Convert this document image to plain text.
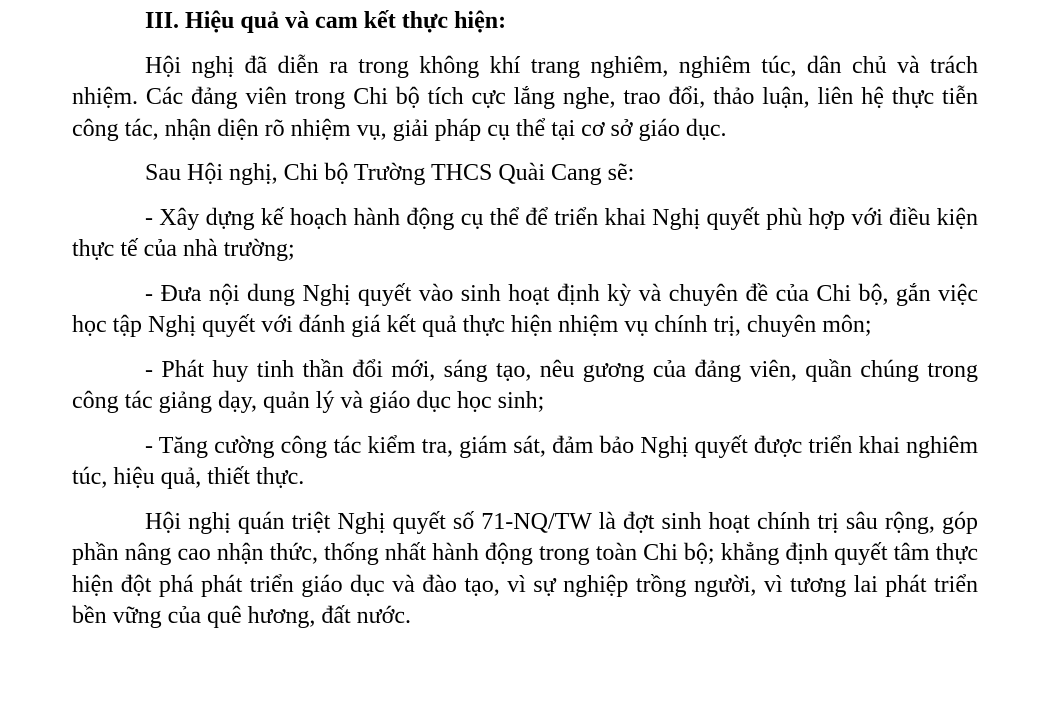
III. Hiệu quả và cam kết thực hiện:

Hội nghị đã diễn ra trong không khí trang nghiêm, nghiêm túc, dân chủ và trách nhiệm. Các đảng viên trong Chi bộ tích cực lắng nghe, trao đổi, thảo luận, liên hệ thực tiễn công tác, nhận diện rõ nhiệm vụ, giải pháp cụ thể tại cơ sở giáo dục.

Sau Hội nghị, Chi bộ Trường THCS Quài Cang sẽ:

- Xây dựng kế hoạch hành động cụ thể để triển khai Nghị quyết phù hợp với điều kiện thực tế của nhà trường;

- Đưa nội dung Nghị quyết vào sinh hoạt định kỳ và chuyên đề của Chi bộ, gắn việc học tập Nghị quyết với đánh giá kết quả thực hiện nhiệm vụ chính trị, chuyên môn;

- Phát huy tinh thần đổi mới, sáng tạo, nêu gương của đảng viên, quần chúng trong công tác giảng dạy, quản lý và giáo dục học sinh;

- Tăng cường công tác kiểm tra, giám sát, đảm bảo Nghị quyết được triển khai nghiêm túc, hiệu quả, thiết thực.

Hội nghị quán triệt Nghị quyết số 71-NQ/TW là đợt sinh hoạt chính trị sâu rộng, góp phần nâng cao nhận thức, thống nhất hành động trong toàn Chi bộ; khẳng định quyết tâm thực hiện đột phá phát triển giáo dục và đào tạo, vì sự nghiệp trồng người, vì tương lai phát triển bền vững của quê hương, đất nước.
